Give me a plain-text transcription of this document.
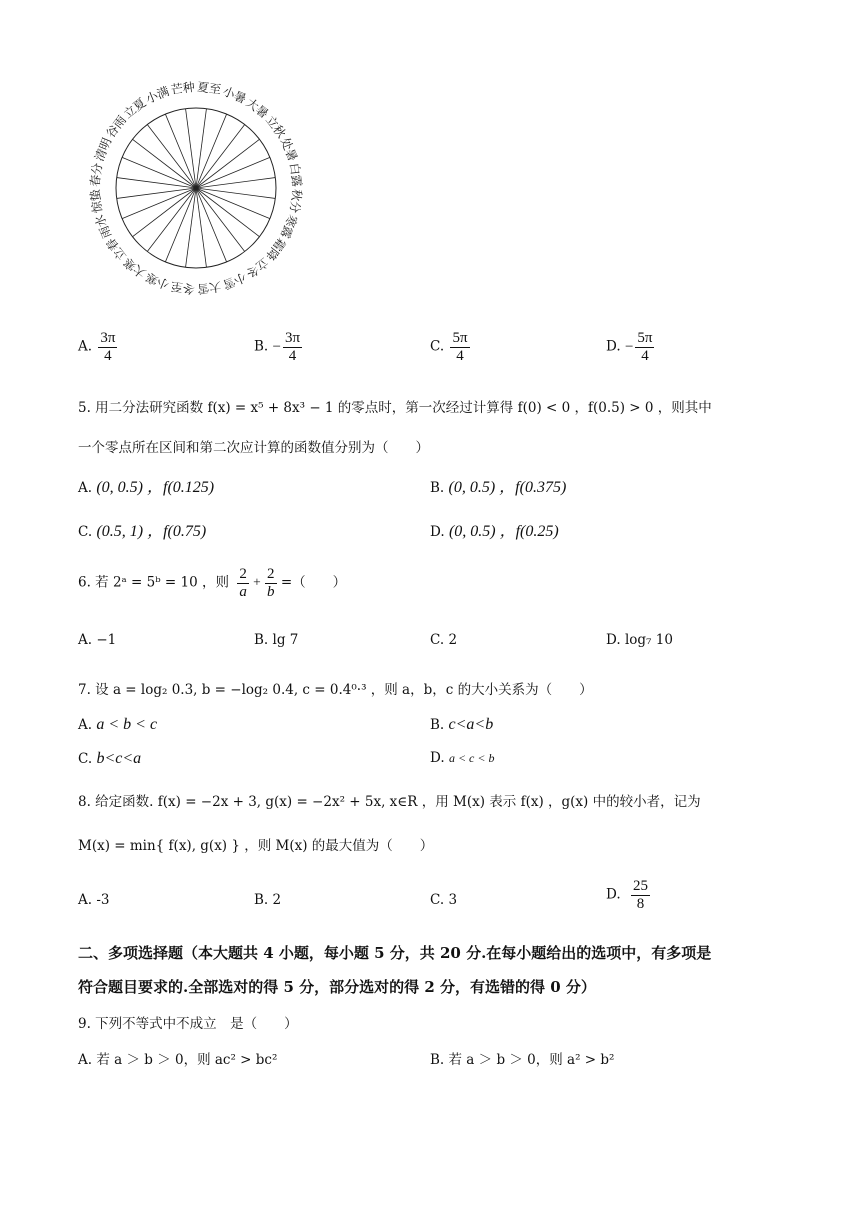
夏至
小暑
大暑
立秋
处暑
白露
秋分
寒露
霜降
立冬
小雪
大雪
冬至
小寒
大寒
立春
雨水
惊蛰
春分
清明
谷雨
立夏
小满
芒种
A. $\frac{3\pi}{4}$	B. − $\frac{3\pi}{4}$	C. $\frac{5\pi}{4}$	D. − $\frac{5\pi}{4}$
5. 用二分法研究函数 f(x) = x⁵ + 8x³ − 1 的零点时，第一次经过计算得 f(0) < 0 ，f(0.5) > 0 ，则其中
一个零点所在区间和第二次应计算的函数值分别为（　　）
A. (0, 0.5) ，f(0.125)	B. (0, 0.5) ，f(0.375)
C. (0.5, 1) ，f(0.75)	D. (0, 0.5) ，f(0.25)
6. 若 2ᵃ = 5ᵇ = 10 ，则 $\frac{2}{a} + \frac{2}{b}$ =（　　）
A. −1	B. lg 7	C. 2	D. log₇ 10
7. 设 a = log₂ 0.3, b = −log₂ 0.4, c = 0.4⁰·³ ，则 a，b，c 的大小关系为（　　）
A. a < b < c	B. c<a<b
C. b<c<a	D. a < c < b
8. 给定函数. f(x) = −2x + 3, g(x) = −2x² + 5x, x∈R ，用 M(x) 表示 f(x) ，g(x) 中的较小者，记为
M(x) = min{ f(x), g(x) } ，则 M(x) 的最大值为（　　）
A. -3	B. 2	C. 3	D. $\frac{25}{8}$
二、多项选择题（本大题共 4 小题，每小题 5 分，共 20 分.在每小题给出的选项中，有多项是
符合题目要求的.全部选对的得 5 分，部分选对的得 2 分，有选错的得 0 分）
9. 下列不等式中不成立　是（　　）
A. 若 a ＞ b ＞ 0，则 ac² > bc²	B. 若 a ＞ b ＞ 0，则 a² > b²
